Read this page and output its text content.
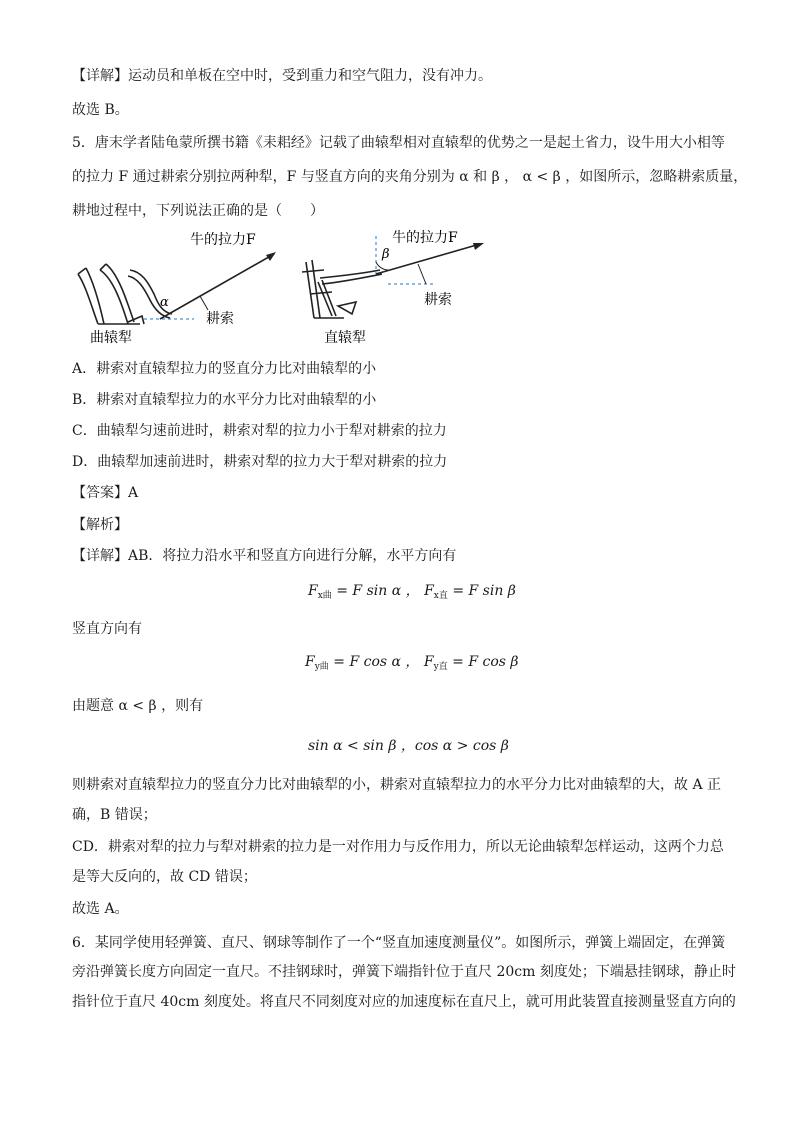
【详解】运动员和单板在空中时，受到重力和空气阻力，没有冲力。
故选 B。
5．唐末学者陆龟蒙所撰书籍《耒耜经》记载了曲辕犁相对直辕犁的优势之一是起土省力，设牛用大小相等
的拉力 F 通过耕索分别拉两种犁，F 与竖直方向的夹角分别为 α 和 β ， α < β ，如图所示，忽略耕索质量，
耕地过程中，下列说法正确的是（　　）
α
牛的拉力F
耕索
曲辕犁
β
牛的拉力F
耕索
直辕犁
A．耕索对直辕犁拉力的竖直分力比对曲辕犁的小
B．耕索对直辕犁拉力的水平分力比对曲辕犁的小
C．曲辕犁匀速前进时，耕索对犁的拉力小于犁对耕索的拉力
D．曲辕犁加速前进时，耕索对犁的拉力大于犁对耕索的拉力
【答案】A
【解析】
【详解】AB．将拉力沿水平和竖直方向进行分解，水平方向有
$F_{x曲} = F$ sin α ， $F_{x直} = F$ sin β
竖直方向有
$F_{y曲} = F$ cos α ， $F_{y直} = F$ cos β
由题意 α < β ，则有
sin α < sin β ，cos α > cos β
则耕索对直辕犁拉力的竖直分力比对曲辕犁的小，耕索对直辕犁拉力的水平分力比对曲辕犁的大，故 A 正
确，B 错误；
CD．耕索对犁的拉力与犁对耕索的拉力是一对作用力与反作用力，所以无论曲辕犁怎样运动，这两个力总
是等大反向的，故 CD 错误；
故选 A。
6．某同学使用轻弹簧、直尺、钢球等制作了一个“竖直加速度测量仪”。如图所示，弹簧上端固定，在弹簧
旁沿弹簧长度方向固定一直尺。不挂钢球时，弹簧下端指针位于直尺 20cm 刻度处；下端悬挂钢球，静止时
指针位于直尺 40cm 刻度处。将直尺不同刻度对应的加速度标在直尺上，就可用此装置直接测量竖直方向的
